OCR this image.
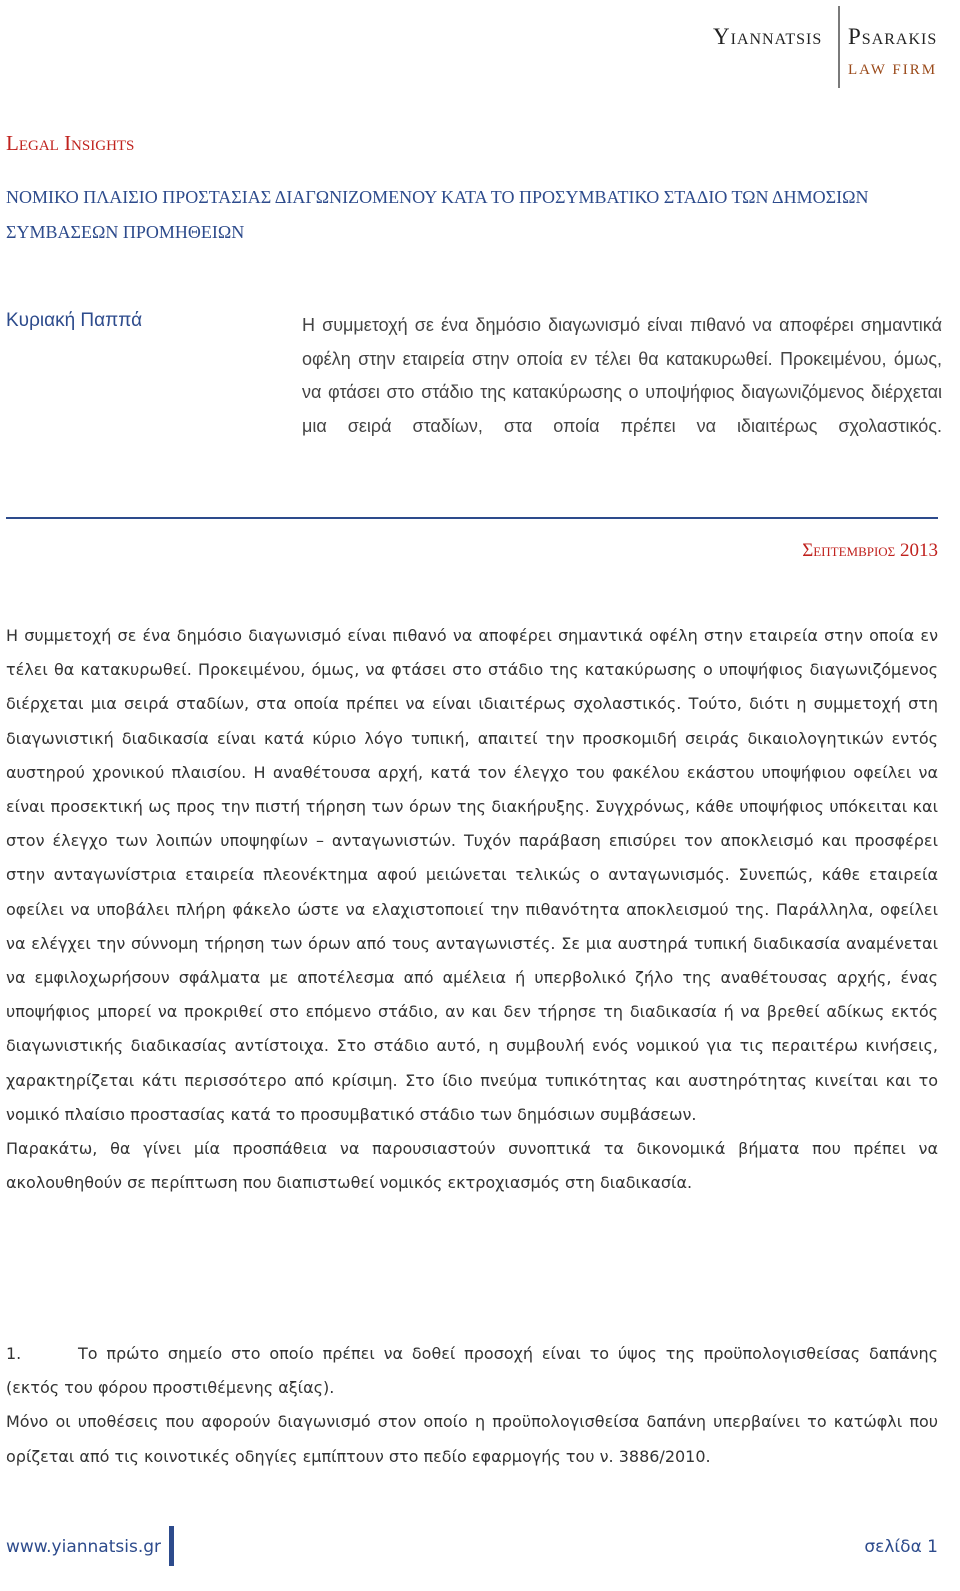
Yiannatsis Psarakis
LAW FIRM
Legal Insights
ΝΟΜΙΚΟ ΠΛΑΙΣΙΟ ΠΡΟΣΤΑΣΙΑΣ ΔΙΑΓΩΝΙΖΟΜΕΝΟΥ ΚΑΤΑ ΤΟ ΠΡΟΣΥΜΒΑΤΙΚΟ ΣΤΑΔΙΟ ΤΩΝ ΔΗΜΟΣΙΩΝ ΣΥΜΒΑΣΕΩΝ ΠΡΟΜΗΘΕΙΩΝ
Κυριακή Παππά	Η συμμετοχή σε ένα δημόσιο διαγωνισμό είναι πιθανό να αποφέρει σημαντικά οφέλη στην εταιρεία στην οποία εν τέλει θα κατακυρωθεί. Προκειμένου, όμως, να φτάσει στο στάδιο της κατακύρωσης ο υποψήφιος διαγωνιζόμενος διέρχεται μια σειρά σταδίων, στα οποία πρέπει να ιδιαιτέρως σχολαστικός.
Σεπτεμβριος 2013

Η συμμετοχή σε ένα δημόσιο διαγωνισμό είναι πιθανό να αποφέρει σημαντικά οφέλη στην εταιρεία στην οποία εν τέλει θα κατακυρωθεί. Προκειμένου, όμως, να φτάσει στο στάδιο της κατακύρωσης ο υποψήφιος διαγωνιζόμενος διέρχεται μια σειρά σταδίων, στα οποία πρέπει να είναι ιδιαιτέρως σχολαστικός. Τούτο, διότι η συμμετοχή στη διαγωνιστική διαδικασία είναι κατά κύριο λόγο τυπική, απαιτεί την προσκομιδή σειράς δικαιολογητικών εντός αυστηρού χρονικού πλαισίου. Η αναθέτουσα αρχή, κατά τον έλεγχο του φακέλου εκάστου υποψήφιου οφείλει να είναι προσεκτική ως προς την πιστή τήρηση των όρων της διακήρυξης. Συγχρόνως, κάθε υποψήφιος υπόκειται και στον έλεγχο των λοιπών υποψηφίων – ανταγωνιστών. Τυχόν παράβαση επισύρει τον αποκλεισμό και προσφέρει στην ανταγωνίστρια εταιρεία πλεονέκτημα αφού μειώνεται τελικώς ο ανταγωνισμός. Συνεπώς, κάθε εταιρεία οφείλει να υποβάλει πλήρη φάκελο ώστε να ελαχιστοποιεί την πιθανότητα αποκλεισμού της. Παράλληλα, οφείλει να ελέγχει την σύννομη τήρηση των όρων από τους ανταγωνιστές. Σε μια αυστηρά τυπική διαδικασία αναμένεται να εμφιλοχωρήσουν σφάλματα με αποτέλεσμα από αμέλεια ή υπερβολικό ζήλο της αναθέτουσας αρχής, ένας υποψήφιος μπορεί να προκριθεί στο επόμενο στάδιο, αν και δεν τήρησε τη διαδικασία ή να βρεθεί αδίκως εκτός διαγωνιστικής διαδικασίας αντίστοιχα. Στο στάδιο αυτό, η συμβουλή ενός νομικού για τις περαιτέρω κινήσεις, χαρακτηρίζεται κάτι περισσότερο από κρίσιμη. Στο ίδιο πνεύμα τυπικότητας και αυστηρότητας κινείται και το νομικό πλαίσιο προστασίας κατά το προσυμβατικό στάδιο των δημόσιων συμβάσεων.

Παρακάτω, θα γίνει μία προσπάθεια να παρουσιαστούν συνοπτικά τα δικονομικά βήματα που πρέπει να ακολουθηθούν σε περίπτωση που διαπιστωθεί νομικός εκτροχιασμός στη διαδικασία.

1.	Το πρώτο σημείο στο οποίο πρέπει να δοθεί προσοχή είναι το ύψος της προϋπολογισθείσας δαπάνης (εκτός του φόρου προστιθέμενης αξίας).

Μόνο οι υποθέσεις που αφορούν διαγωνισμό στον οποίο η προϋπολογισθείσα δαπάνη υπερβαίνει το κατώφλι που ορίζεται από τις κοινοτικές οδηγίες εμπίπτουν στο πεδίο εφαρμογής του ν. 3886/2010.

www.yiannatsis.gr	σελίδα 1
